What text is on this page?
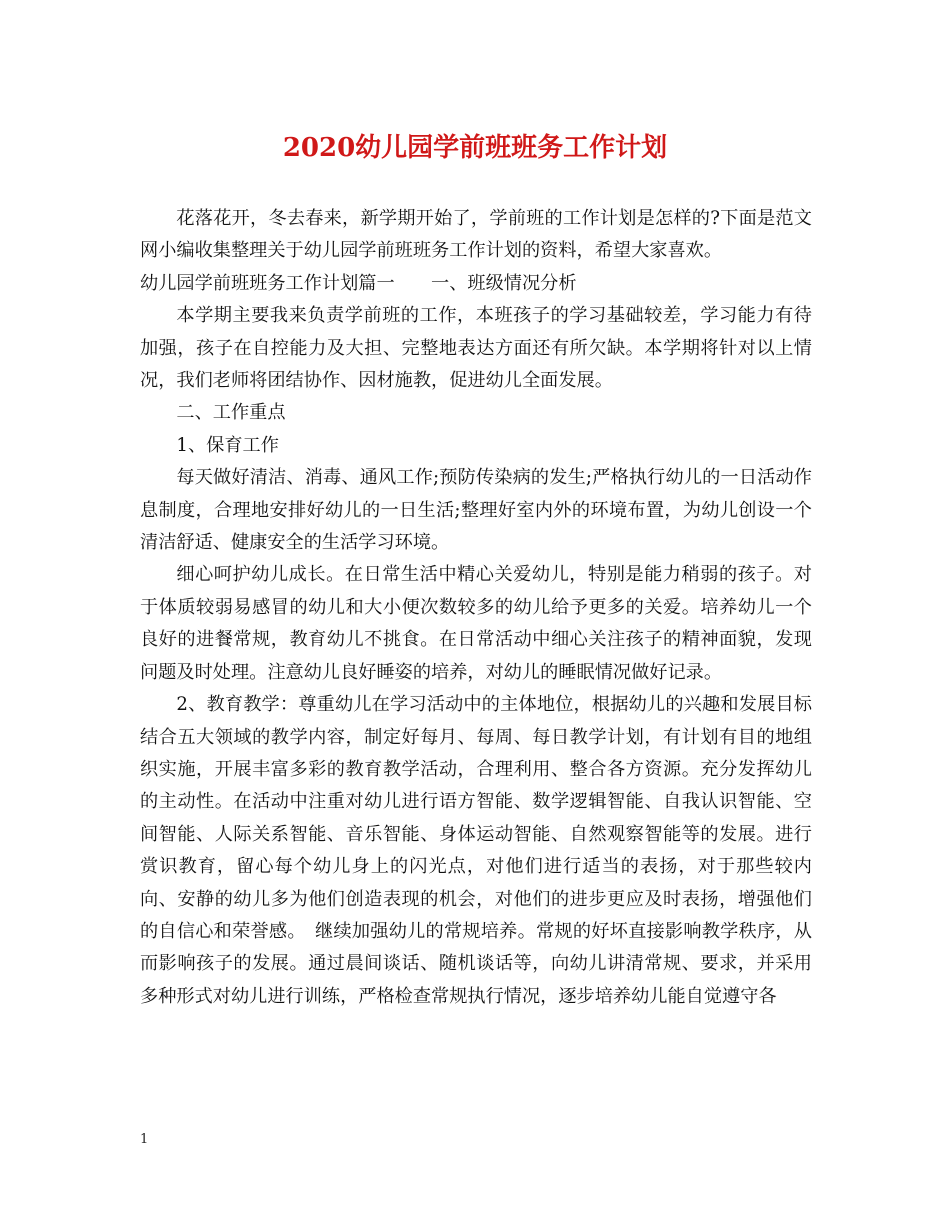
2020幼儿园学前班班务工作计划

花落花开，冬去春来，新学期开始了，学前班的工作计划是怎样的?下面是范文网小编收集整理关于幼儿园学前班班务工作计划的资料，希望大家喜欢。

幼儿园学前班班务工作计划篇一　　一、班级情况分析

本学期主要我来负责学前班的工作，本班孩子的学习基础较差，学习能力有待加强，孩子在自控能力及大担、完整地表达方面还有所欠缺。本学期将针对以上情况，我们老师将团结协作、因材施教，促进幼儿全面发展。

二、工作重点

1、保育工作

每天做好清洁、消毒、通风工作;预防传染病的发生;严格执行幼儿的一日活动作息制度，合理地安排好幼儿的一日生活;整理好室内外的环境布置，为幼儿创设一个清洁舒适、健康安全的生活学习环境。

细心呵护幼儿成长。在日常生活中精心关爱幼儿，特别是能力稍弱的孩子。对于体质较弱易感冒的幼儿和大小便次数较多的幼儿给予更多的关爱。培养幼儿一个良好的进餐常规，教育幼儿不挑食。在日常活动中细心关注孩子的精神面貌，发现问题及时处理。注意幼儿良好睡姿的培养，对幼儿的睡眠情况做好记录。

2、教育教学：尊重幼儿在学习活动中的主体地位，根据幼儿的兴趣和发展目标结合五大领域的教学内容，制定好每月、每周、每日教学计划，有计划有目的地组织实施，开展丰富多彩的教育教学活动，合理利用、整合各方资源。充分发挥幼儿的主动性。在活动中注重对幼儿进行语方智能、数学逻辑智能、自我认识智能、空间智能、人际关系智能、音乐智能、身体运动智能、自然观察智能等的发展。进行赏识教育，留心每个幼儿身上的闪光点，对他们进行适当的表扬，对于那些较内向、安静的幼儿多为他们创造表现的机会，对他们的进步更应及时表扬，增强他们的自信心和荣誉感。　继续加强幼儿的常规培养。常规的好坏直接影响教学秩序，从而影响孩子的发展。通过晨间谈话、随机谈话等，向幼儿讲清常规、要求，并采用多种形式对幼儿进行训练，严格检查常规执行情况，逐步培养幼儿能自觉遵守各

1
